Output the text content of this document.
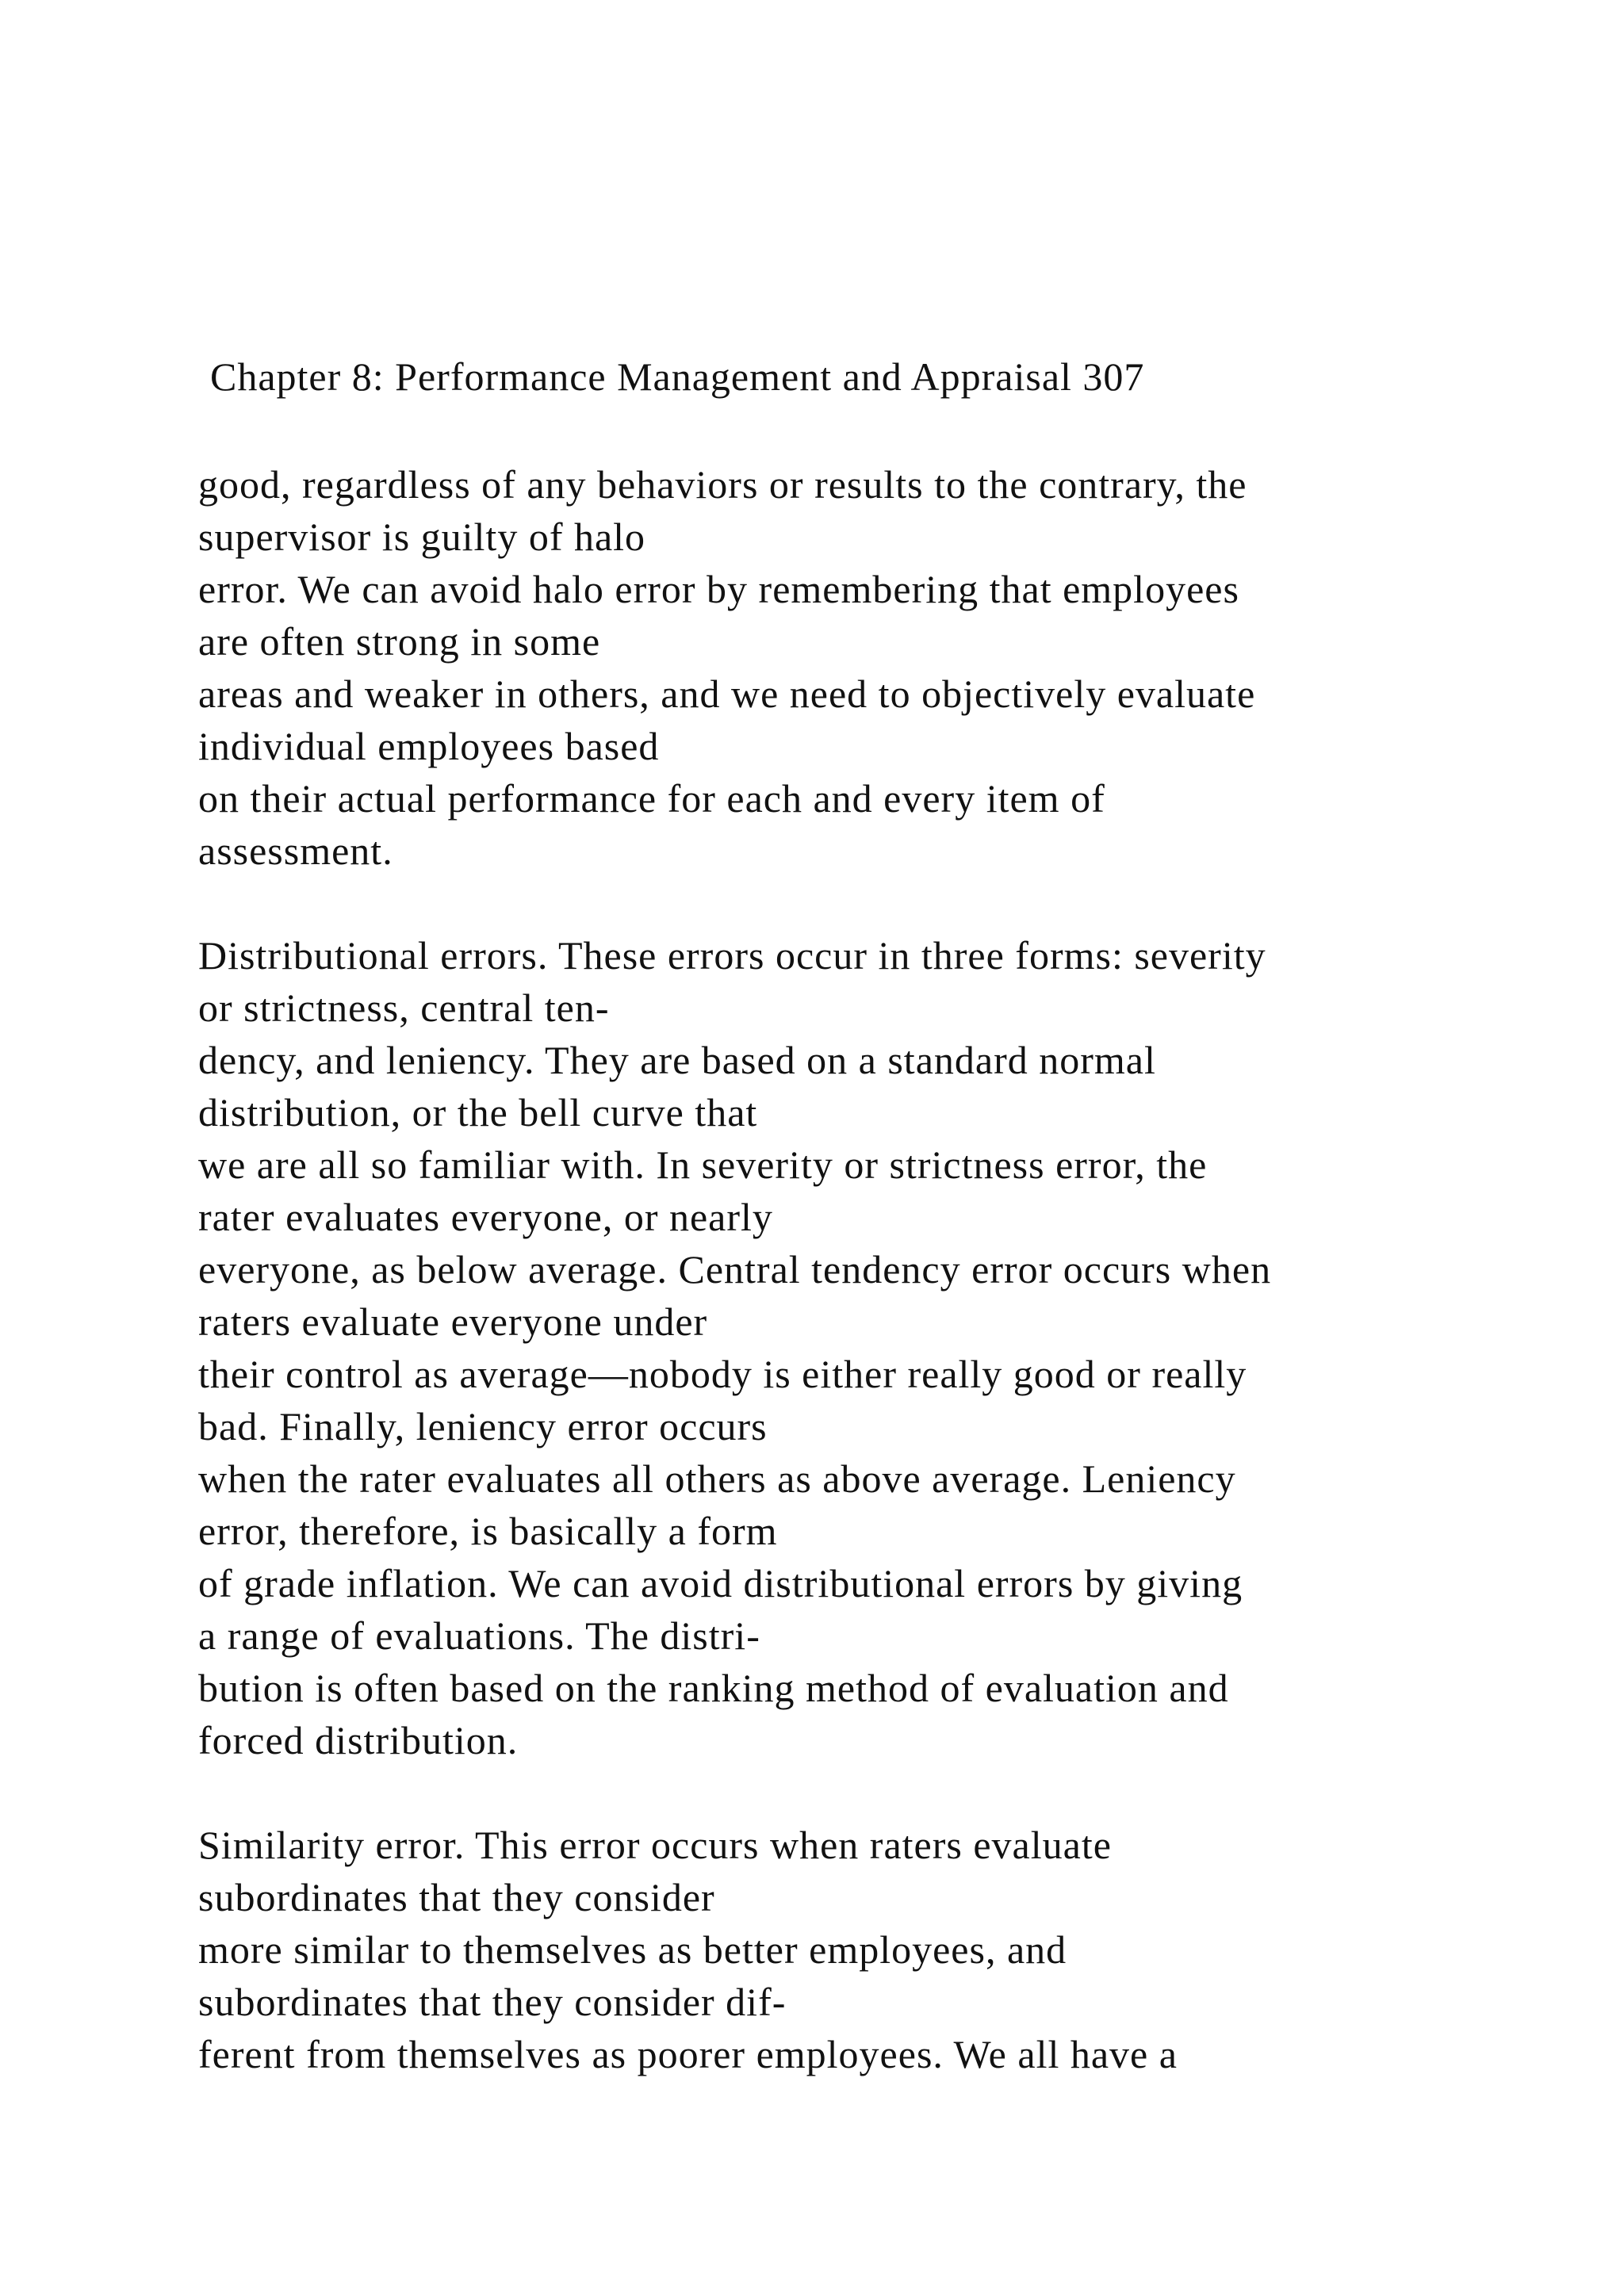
Chapter 8: Performance Management and Appraisal 307
good, regardless of any behaviors or results to the contrary, the
supervisor is guilty of halo
error. We can avoid halo error by remembering that employees
are often strong in some
areas and weaker in others, and we need to objectively evaluate
individual employees based
on their actual performance for each and every item of
assessment.
Distributional errors. These errors occur in three forms: severity
or strictness, central ten-
dency, and leniency. They are based on a standard normal
distribution, or the bell curve that
we are all so familiar with. In severity or strictness error, the
rater evaluates everyone, or nearly
everyone, as below average. Central tendency error occurs when
raters evaluate everyone under
their control as average—nobody is either really good or really
bad. Finally, leniency error occurs
when the rater evaluates all others as above average. Leniency
error, therefore, is basically a form
of grade inflation. We can avoid distributional errors by giving
a range of evaluations. The distri-
bution is often based on the ranking method of evaluation and
forced distribution.
Similarity error. This error occurs when raters evaluate
subordinates that they consider
more similar to themselves as better employees, and
subordinates that they consider dif-
ferent from themselves as poorer employees. We all have a
